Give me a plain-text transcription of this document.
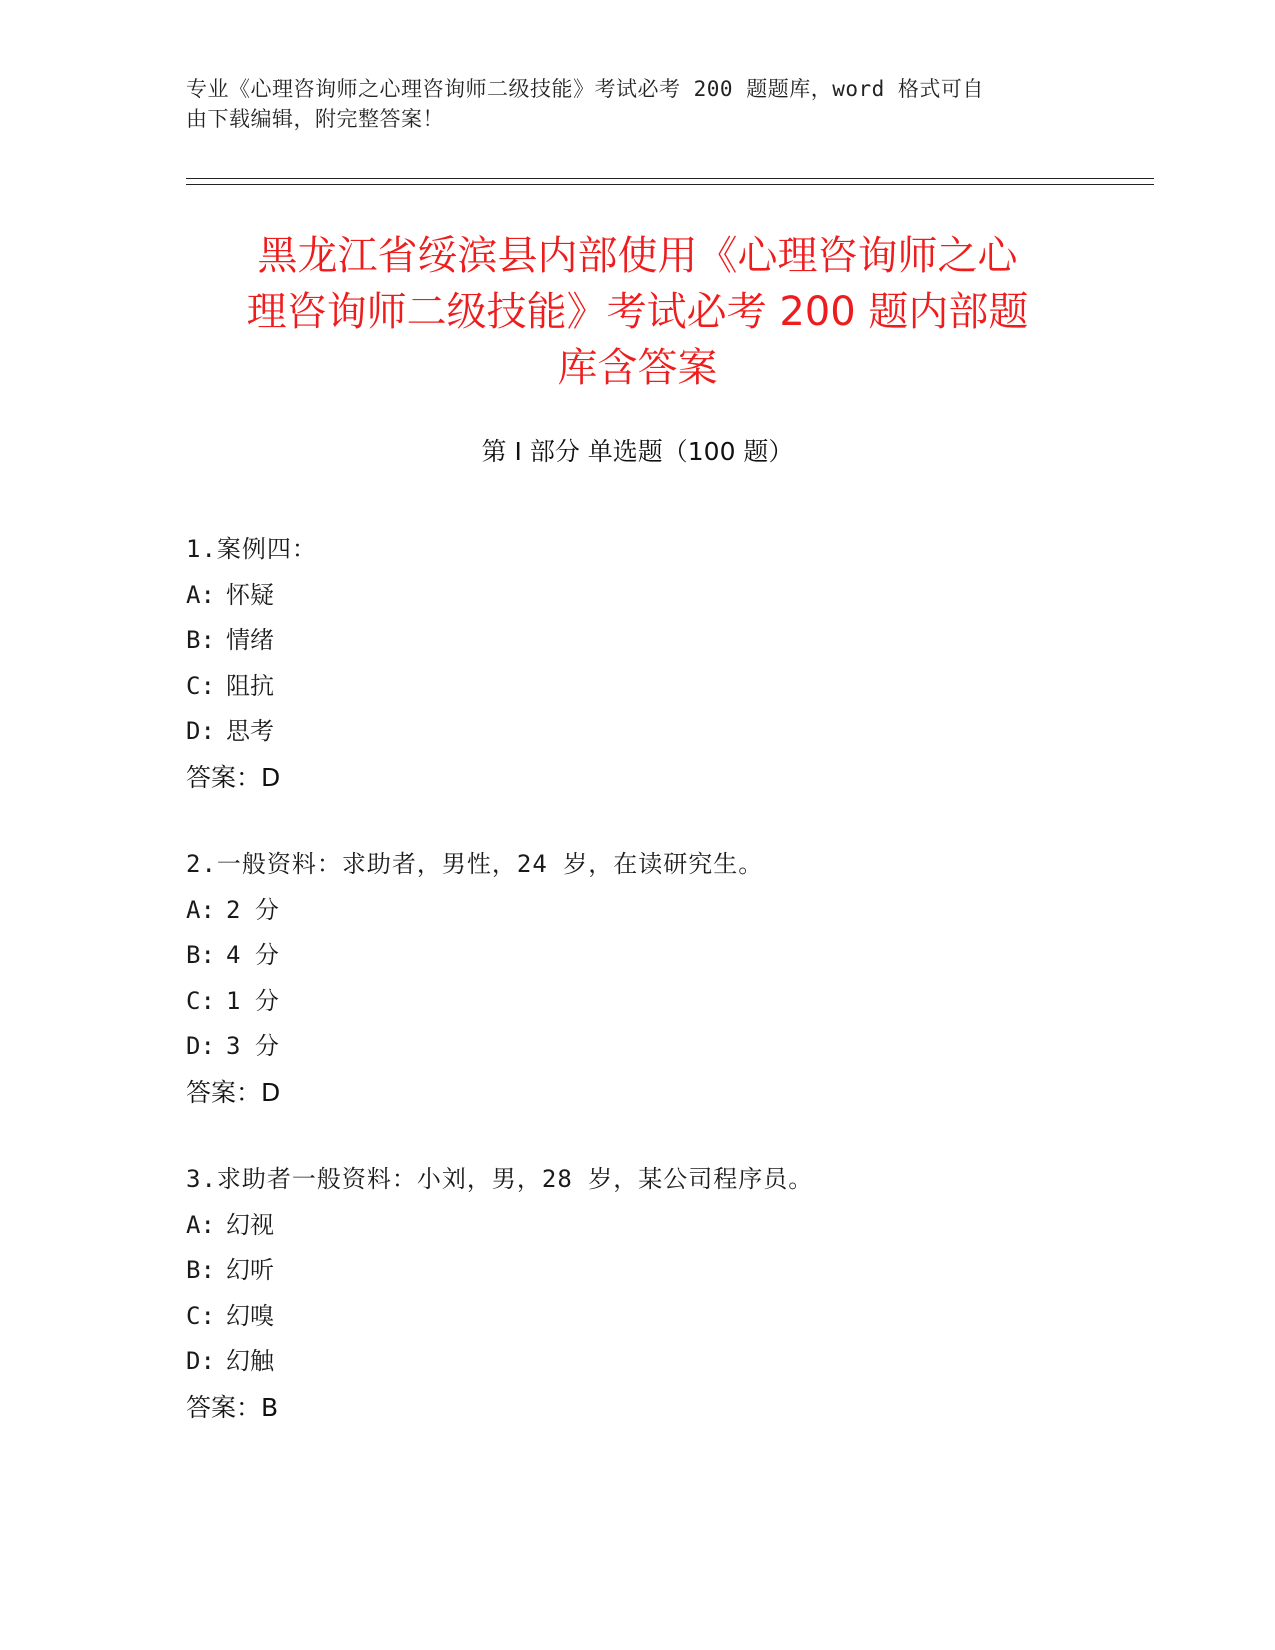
专业《心理咨询师之心理咨询师二级技能》考试必考 200 题题库，word 格式可自
由下载编辑，附完整答案！
黑龙江省绥滨县内部使用《心理咨询师之心
理咨询师二级技能》考试必考 200 题内部题
库含答案
第 I 部分 单选题（100 题）
1.案例四：
A: 怀疑
B: 情绪
C: 阻抗
D: 思考
答案：D
2.一般资料：求助者，男性，24 岁，在读研究生。
A: 2 分
B: 4 分
C: 1 分
D: 3 分
答案：D
3.求助者一般资料：小刘，男，28 岁，某公司程序员。
A: 幻视
B: 幻听
C: 幻嗅
D: 幻触
答案：B
